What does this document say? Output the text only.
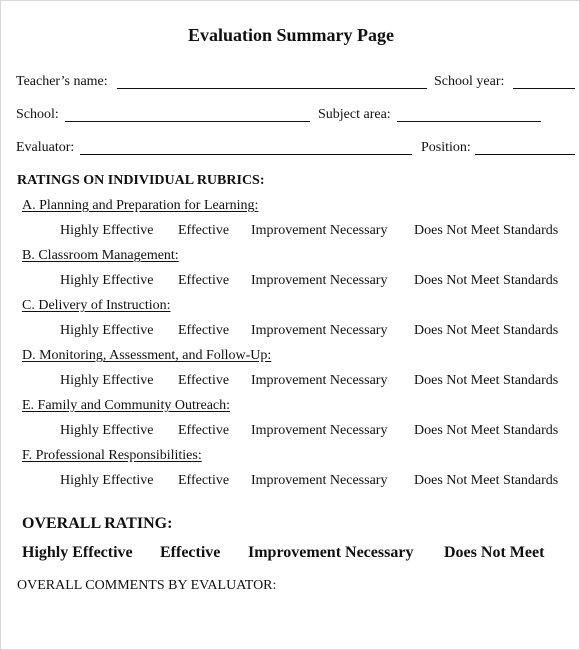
Evaluation Summary Page
Teacher’s name:	School year:
School:	Subject area:
Evaluator:	Position:
RATINGS ON INDIVIDUAL RUBRICS:
A. Planning and Preparation for Learning:
Highly Effective Effective Improvement Necessary Does Not Meet Standards
B. Classroom Management:
Highly Effective Effective Improvement Necessary Does Not Meet Standards
C. Delivery of Instruction:
Highly Effective Effective Improvement Necessary Does Not Meet Standards
D. Monitoring, Assessment, and Follow-Up:
Highly Effective Effective Improvement Necessary Does Not Meet Standards
E. Family and Community Outreach:
Highly Effective Effective Improvement Necessary Does Not Meet Standards
F. Professional Responsibilities:
Highly Effective Effective Improvement Necessary Does Not Meet Standards
OVERALL RATING:
Highly Effective Effective Improvement Necessary Does Not Meet
OVERALL COMMENTS BY EVALUATOR:
